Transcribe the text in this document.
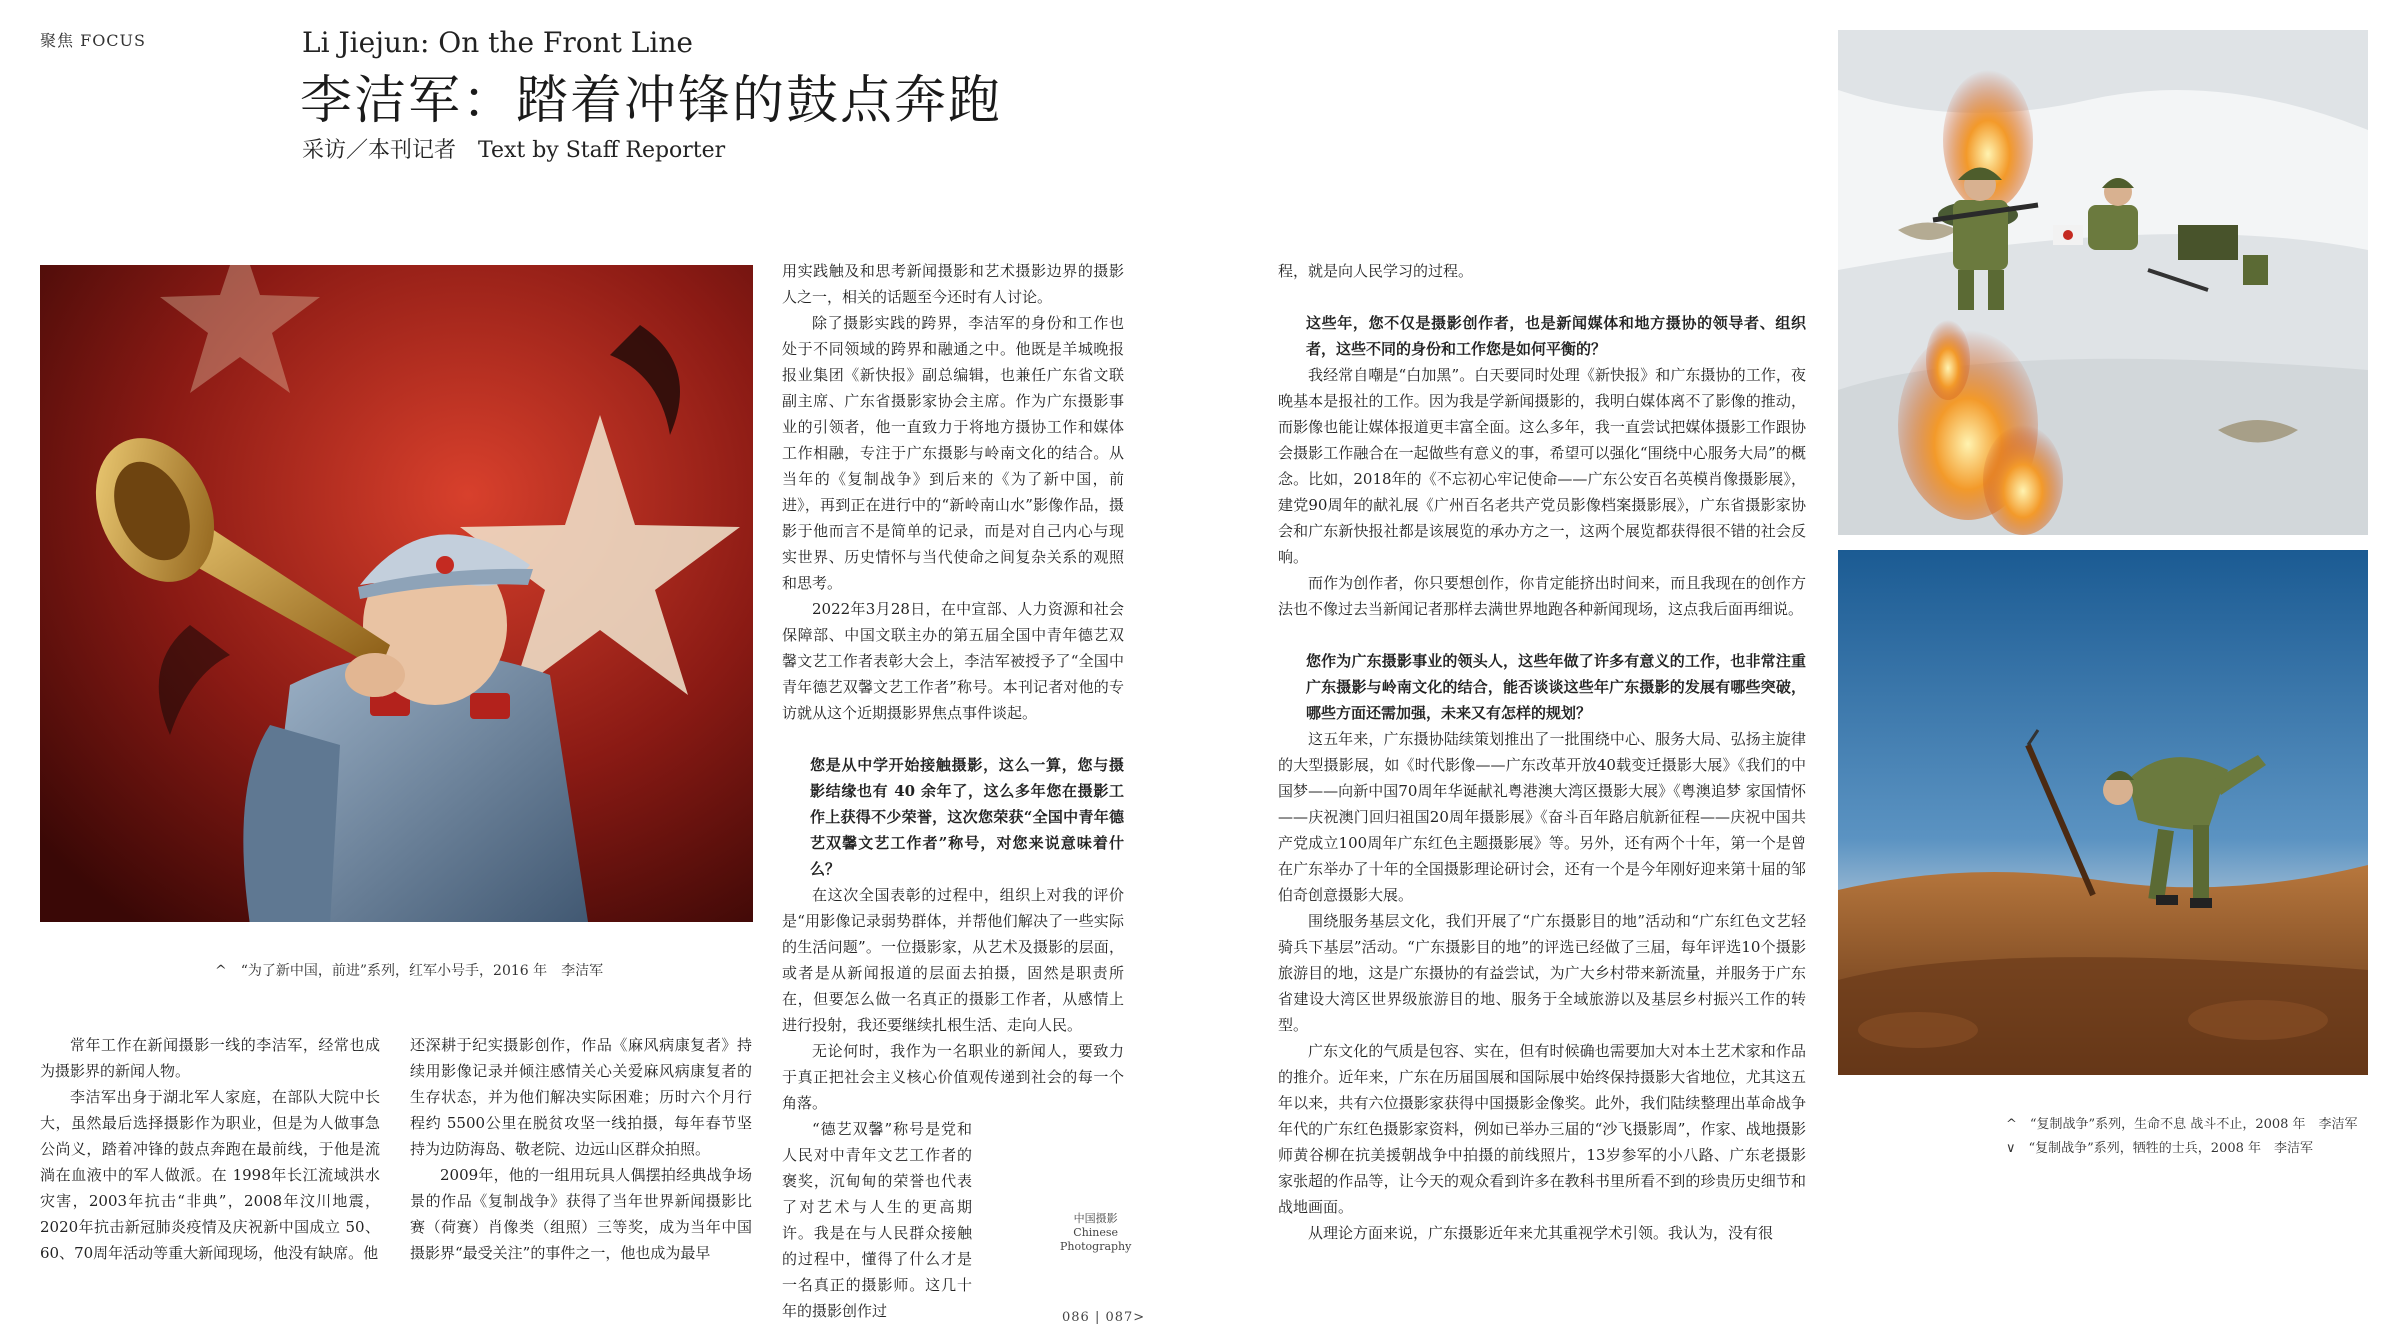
聚焦 FOCUS	Li Jiejun: On the Front Line
李洁军：踏着冲锋的鼓点奔跑
采访／本刊记者　Text by Staff Reporter
^　“为了新中国，前进”系列，红军小号手，2016 年　李洁军

常年工作在新闻摄影一线的李洁军，经常也成为摄影界的新闻人物。

李洁军出身于湖北军人家庭，在部队大院中长大，虽然最后选择摄影作为职业，但是为人做事急公尚义，踏着冲锋的鼓点奔跑在最前线，于他是流淌在血液中的军人做派。在 1998年长江流域洪水灾害，2003年抗击“非典”，2008年汶川地震，2020年抗击新冠肺炎疫情及庆祝新中国成立 50、60、70周年活动等重大新闻现场，他没有缺席。他

还深耕于纪实摄影创作，作品《麻风病康复者》持续用影像记录并倾注感情关心关爱麻风病康复者的生存状态，并为他们解决实际困难；历时六个月行程约 5500公里在脱贫攻坚一线拍摄，每年春节坚持为边防海岛、敬老院、边远山区群众拍照。

2009年，他的一组用玩具人偶摆拍经典战争场景的作品《复制战争》获得了当年世界新闻摄影比赛（荷赛）肖像类（组照）三等奖，成为当年中国摄影界“最受关注”的事件之一，他也成为最早

用实践触及和思考新闻摄影和艺术摄影边界的摄影人之一，相关的话题至今还时有人讨论。

除了摄影实践的跨界，李洁军的身份和工作也处于不同领域的跨界和融通之中。他既是羊城晚报报业集团《新快报》副总编辑，也兼任广东省文联副主席、广东省摄影家协会主席。作为广东摄影事业的引领者，他一直致力于将地方摄协工作和媒体工作相融，专注于广东摄影与岭南文化的结合。从当年的《复制战争》到后来的《为了新中国，前进》，再到正在进行中的“新岭南山水”影像作品，摄影于他而言不是简单的记录，而是对自己内心与现实世界、历史情怀与当代使命之间复杂关系的观照和思考。

2022年3月28日，在中宣部、人力资源和社会保障部、中国文联主办的第五届全国中青年德艺双馨文艺工作者表彰大会上，李洁军被授予了“全国中青年德艺双馨文艺工作者”称号。本刊记者对他的专访就从这个近期摄影界焦点事件谈起。

您是从中学开始接触摄影，这么一算，您与摄影结缘也有 40 余年了，这么多年您在摄影工作上获得不少荣誉，这次您荣获“全国中青年德艺双馨文艺工作者”称号，对您来说意味着什么？

在这次全国表彰的过程中，组织上对我的评价是“用影像记录弱势群体，并帮他们解决了一些实际的生活问题”。一位摄影家，从艺术及摄影的层面，或者是从新闻报道的层面去拍摄，固然是职责所在，但要怎么做一名真正的摄影工作者，从感情上进行投射，我还要继续扎根生活、走向人民。

无论何时，我作为一名职业的新闻人，要致力于真正把社会主义核心价值观传递到社会的每一个角落。

“德艺双馨”称号是党和人民对中青年文艺工作者的褒奖，沉甸甸的荣誉也代表了对艺术与人生的更高期许。我是在与人民群众接触的过程中，懂得了什么才是一名真正的摄影师。这几十年的摄影创作过

中国摄影
Chinese
Photography
086 | 087>

程，就是向人民学习的过程。

这些年，您不仅是摄影创作者，也是新闻媒体和地方摄协的领导者、组织者，这些不同的身份和工作您是如何平衡的？

我经常自嘲是“白加黑”。白天要同时处理《新快报》和广东摄协的工作，夜晚基本是报社的工作。因为我是学新闻摄影的，我明白媒体离不了影像的推动，而影像也能让媒体报道更丰富全面。这么多年，我一直尝试把媒体摄影工作跟协会摄影工作融合在一起做些有意义的事，希望可以强化“围绕中心服务大局”的概念。比如，2018年的《不忘初心牢记使命——广东公安百名英模肖像摄影展》，建党90周年的献礼展《广州百名老共产党员影像档案摄影展》，广东省摄影家协会和广东新快报社都是该展览的承办方之一，这两个展览都获得很不错的社会反响。

而作为创作者，你只要想创作，你肯定能挤出时间来，而且我现在的创作方法也不像过去当新闻记者那样去满世界地跑各种新闻现场，这点我后面再细说。

您作为广东摄影事业的领头人，这些年做了许多有意义的工作，也非常注重广东摄影与岭南文化的结合，能否谈谈这些年广东摄影的发展有哪些突破，哪些方面还需加强，未来又有怎样的规划？

这五年来，广东摄协陆续策划推出了一批围绕中心、服务大局、弘扬主旋律的大型摄影展，如《时代影像——广东改革开放40载变迁摄影大展》《我们的中国梦——向新中国70周年华诞献礼粤港澳大湾区摄影大展》《粤澳追梦 家国情怀——庆祝澳门回归祖国20周年摄影展》《奋斗百年路启航新征程——庆祝中国共产党成立100周年广东红色主题摄影展》等。另外，还有两个十年，第一个是曾在广东举办了十年的全国摄影理论研讨会，还有一个是今年刚好迎来第十届的邹伯奇创意摄影大展。

围绕服务基层文化，我们开展了“广东摄影目的地”活动和“广东红色文艺轻骑兵下基层”活动。“广东摄影目的地”的评选已经做了三届，每年评选10个摄影旅游目的地，这是广东摄协的有益尝试，为广大乡村带来新流量，并服务于广东省建设大湾区世界级旅游目的地、服务于全域旅游以及基层乡村振兴工作的转型。

广东文化的气质是包容、实在，但有时候确也需要加大对本土艺术家和作品的推介。近年来，广东在历届国展和国际展中始终保持摄影大省地位，尤其这五年以来，共有六位摄影家获得中国摄影金像奖。此外，我们陆续整理出革命战争年代的广东红色摄影家资料，例如已举办三届的“沙飞摄影周”，作家、战地摄影师黄谷柳在抗美援朝战争中拍摄的前线照片，13岁参军的小八路、广东老摄影家张超的作品等，让今天的观众看到许多在教科书里所看不到的珍贵历史细节和战地画面。

从理论方面来说，广东摄影近年来尤其重视学术引领。我认为，没有很

^　“复制战争”系列，生命不息 战斗不止，2008 年　李洁军
∨　“复制战争”系列，牺牲的士兵，2008 年　李洁军
